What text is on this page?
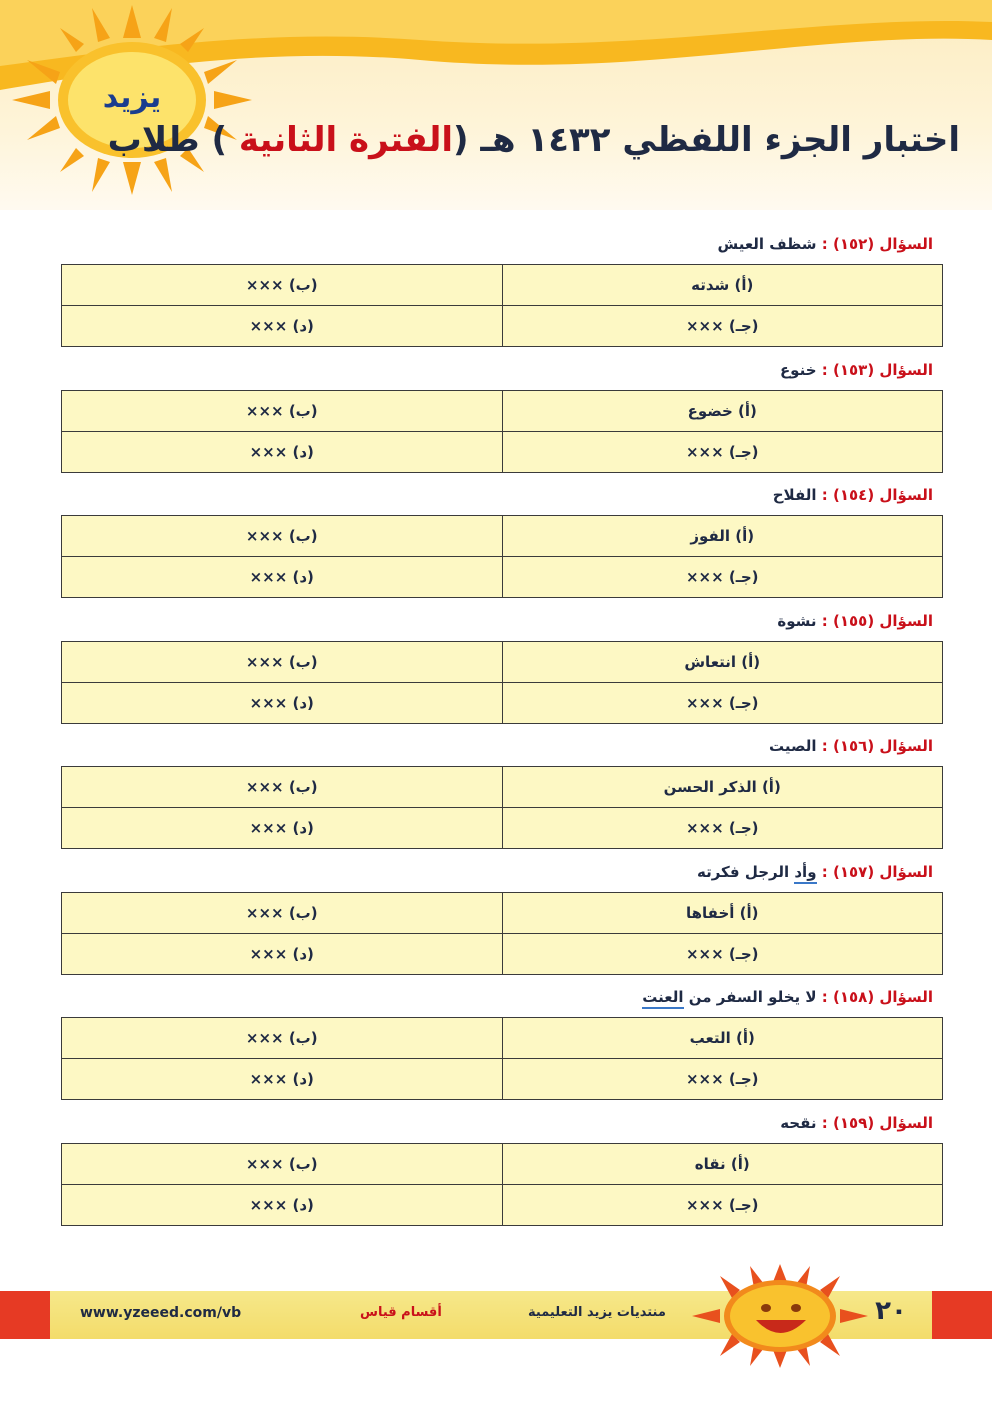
يزيد
اختبار الجزء اللفظي ١٤٣٢ هـ (الفترة الثانية ) طلاب
السؤال (١٥٢) : شظف العيش
(أ) شدته	(ب) ×××
(جـ) ×××	(د) ×××
السؤال (١٥٣) : خنوع
(أ) خضوع	(ب) ×××
(جـ) ×××	(د) ×××
السؤال (١٥٤) : الفلاح
(أ) الفوز	(ب) ×××
(جـ) ×××	(د) ×××
السؤال (١٥٥) : نشوة
(أ) انتعاش	(ب) ×××
(جـ) ×××	(د) ×××
السؤال (١٥٦) : الصيت
(أ) الذكر الحسن	(ب) ×××
(جـ) ×××	(د) ×××
السؤال (١٥٧) : وأد الرجل فكرته
(أ) أخفاها	(ب) ×××
(جـ) ×××	(د) ×××
السؤال (١٥٨) : لا يخلو السفر من العنت
(أ) التعب	(ب) ×××
(جـ) ×××	(د) ×××
السؤال (١٥٩) : نقحه
(أ) نقاه	(ب) ×××
(جـ) ×××	(د) ×××
www.yzeeed.com/vb	أقسام قياس	منتديات يزيد التعليمية	٢٠
